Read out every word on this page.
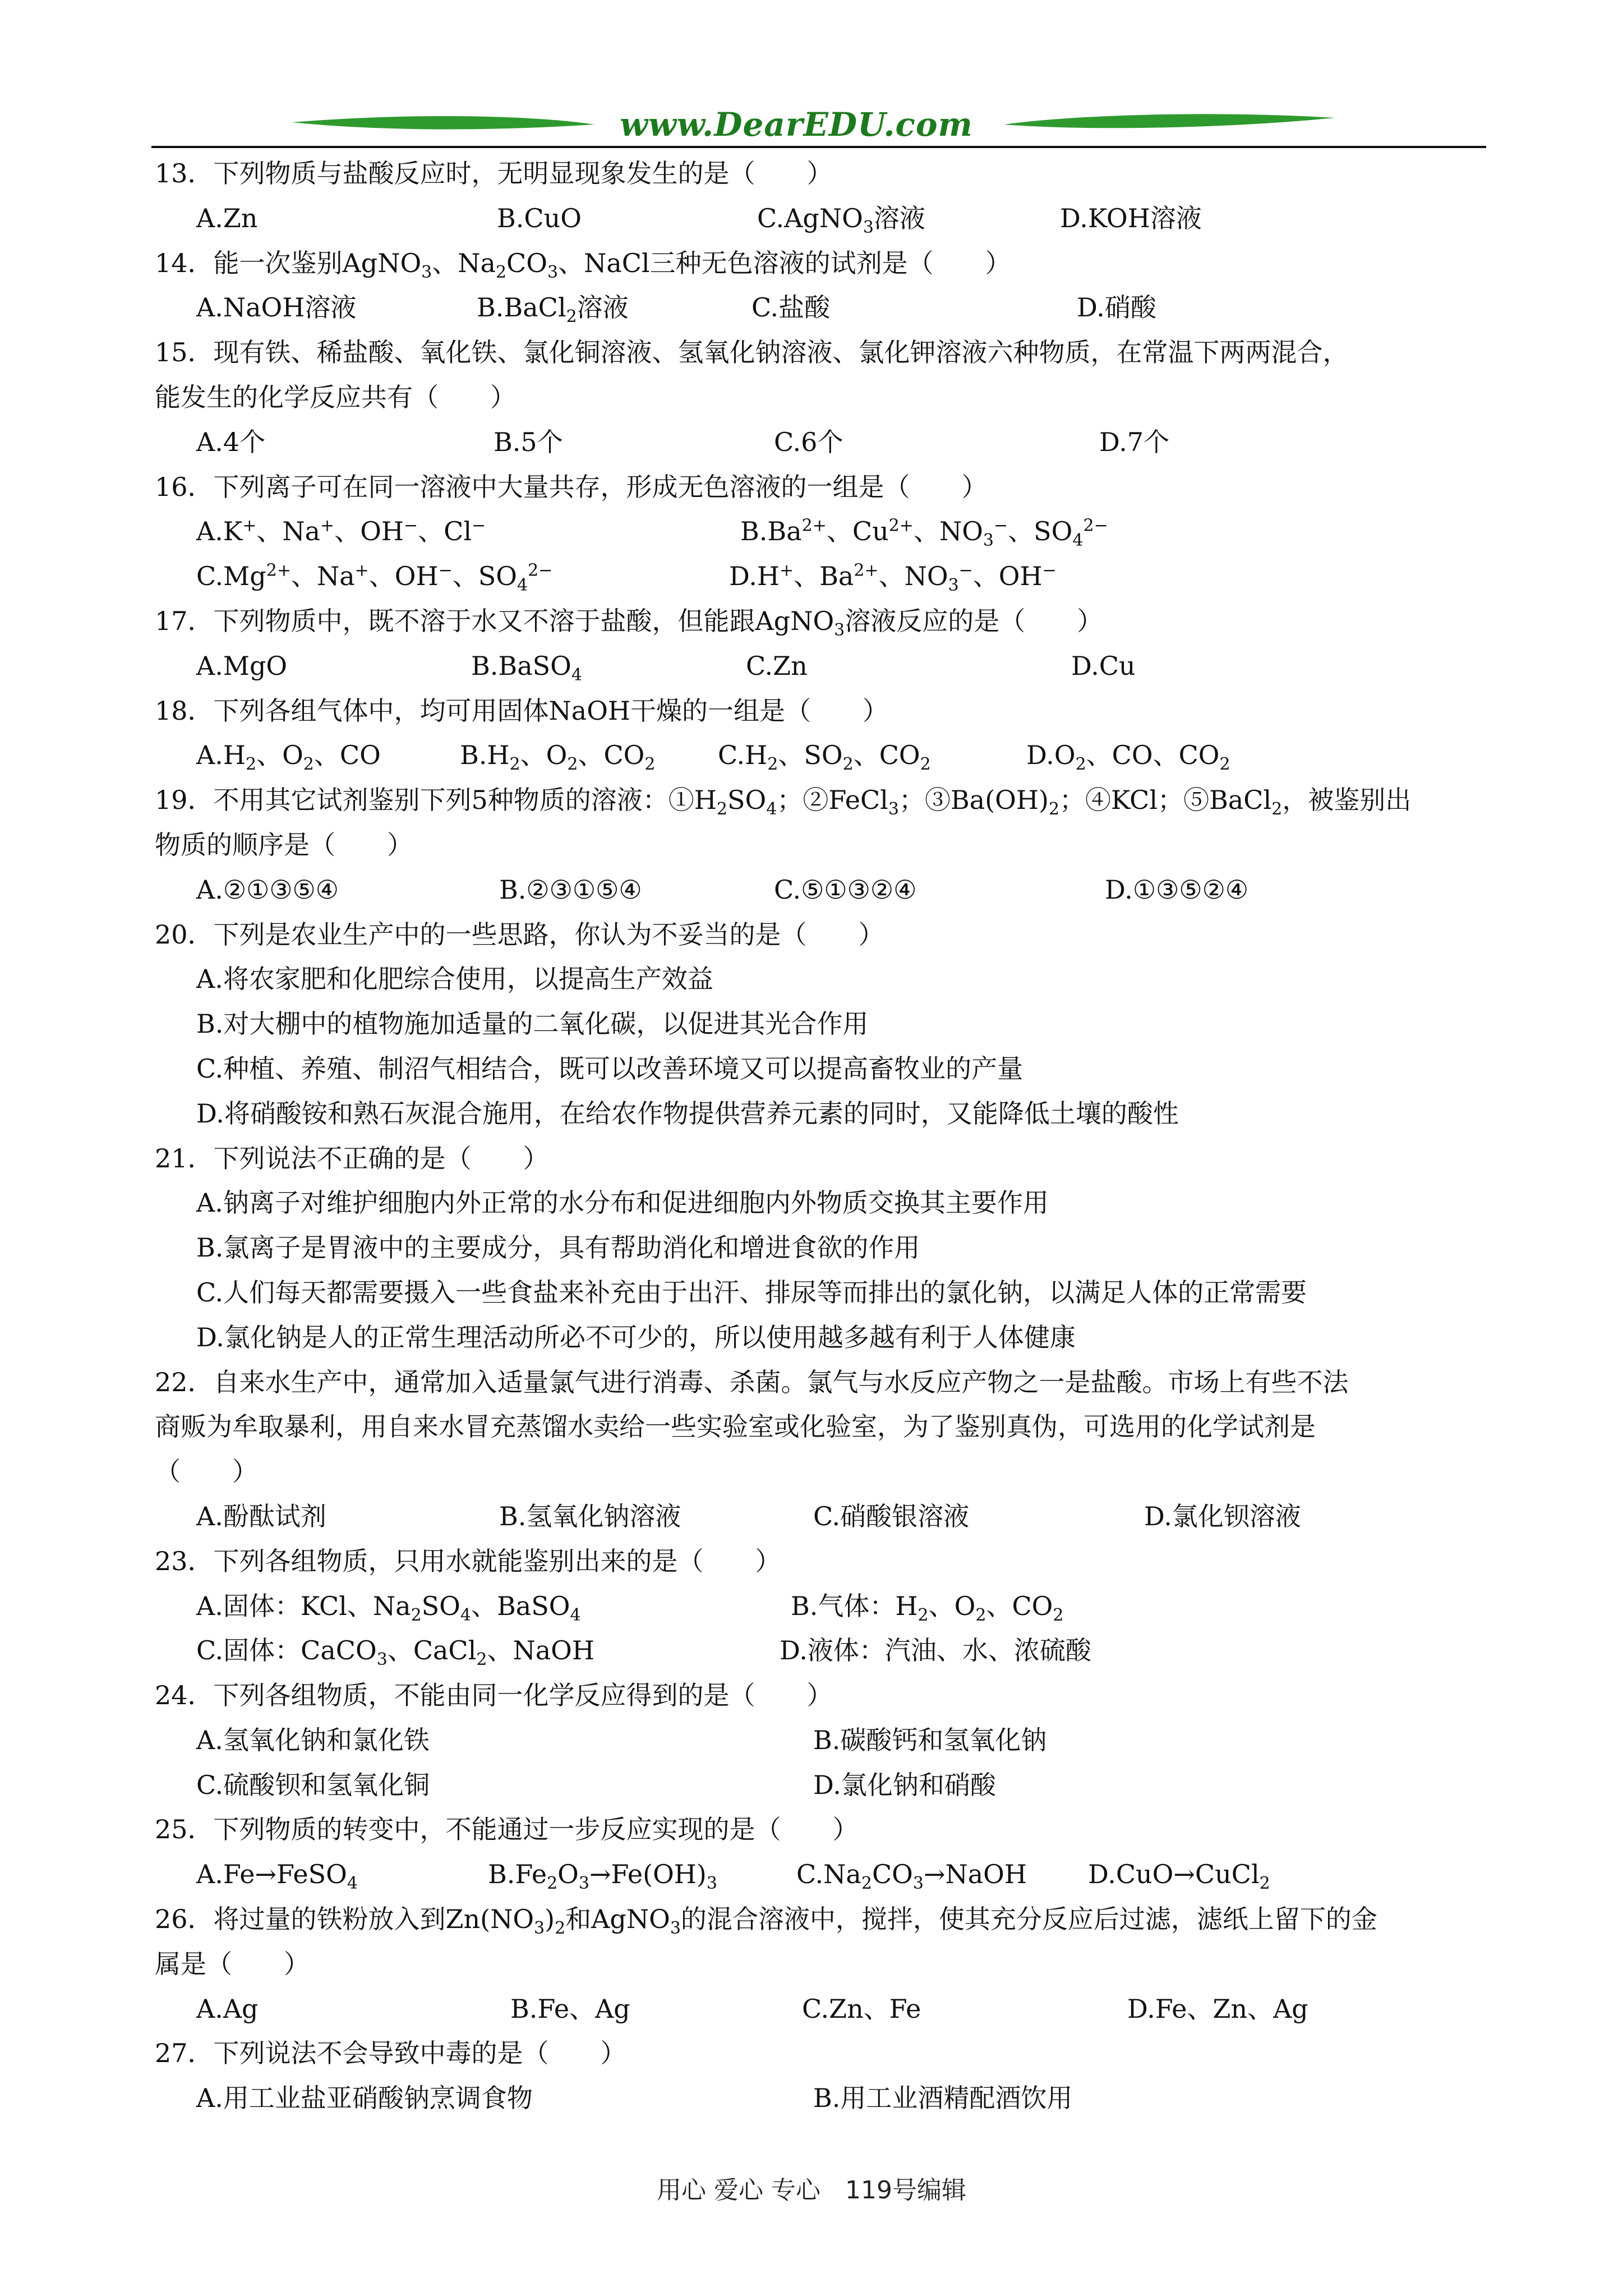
www.DearEDU.com
13．下列物质与盐酸反应时，无明显现象发生的是（　　）
A.Zn	B.CuO	C.AgNO$_3$溶液	D.KOH溶液
14．能一次鉴别AgNO$_3$、$Na_2CO_3$、NaCl三种无色溶液的试剂是（　　）
A.NaOH溶液	B.BaCl$_2$溶液	C.盐酸	D.硝酸
15．现有铁、稀盐酸、氧化铁、氯化铜溶液、氢氧化钠溶液、氯化钾溶液六种物质，在常温下两两混合，
能发生的化学反应共有（　　）
A.4个	B.5个	C.6个	D.7个
16．下列离子可在同一溶液中大量共存，形成无色溶液的一组是（　　）
A.K+、Na+、OH−、Cl−	$B.Ba^{2+}$、$Cu^{2+}$、$NO_3^-$、$SO_4^{2-}$
$C.Mg^{2+}$、Na+、OH−、$SO_4^{2-}$	D.H+、$Ba^{2+}$、$NO_3^-$、OH−
17．下列物质中，既不溶于水又不溶于盐酸，但能跟AgNO$_3$溶液反应的是（　　）
A.MgO	B.BaSO$_4$	C.Zn	D.Cu
18．下列各组气体中，均可用固体NaOH干燥的一组是（　　）
$A.H_2$、$O_2$、CO	$B.H_2$、$O_2$、$CO_2$ $C.H_2$、$SO_2$、$CO_2$	$D.O_2$、CO、$CO_2$
19．不用其它试剂鉴别下列5种物质的溶液：$①H_2SO_4$；②FeCl$_3$；$③Ba(OH)_2$；④KCl；⑤BaCl$_2$，被鉴别出
物质的顺序是（　　）
A.②①③⑤④	B.②③①⑤④	C.⑤①③②④	D.①③⑤②④
20．下列是农业生产中的一些思路，你认为不妥当的是（　　）
A.将农家肥和化肥综合使用，以提高生产效益
B.对大棚中的植物施加适量的二氧化碳，以促进其光合作用
C.种植、养殖、制沼气相结合，既可以改善环境又可以提高畜牧业的产量
D.将硝酸铵和熟石灰混合施用，在给农作物提供营养元素的同时，又能降低土壤的酸性
21．下列说法不正确的是（　　）
A.钠离子对维护细胞内外正常的水分布和促进细胞内外物质交换其主要作用
B.氯离子是胃液中的主要成分，具有帮助消化和增进食欲的作用
C.人们每天都需要摄入一些食盐来补充由于出汗、排尿等而排出的氯化钠，以满足人体的正常需要
D.氯化钠是人的正常生理活动所必不可少的，所以使用越多越有利于人体健康
22．自来水生产中，通常加入适量氯气进行消毒、杀菌。氯气与水反应产物之一是盐酸。市场上有些不法
商贩为牟取暴利，用自来水冒充蒸馏水卖给一些实验室或化验室，为了鉴别真伪，可选用的化学试剂是
（　　）
A.酚酞试剂	B.氢氧化钠溶液	C.硝酸银溶液	D.氯化钡溶液
23．下列各组物质，只用水就能鉴别出来的是（　　）
A.固体：KCl、$Na_2SO_4$、BaSO$_4$	B.气体：$H_2$、$O_2$、$CO_2$
C.固体：CaCO$_3$、CaCl$_2$、NaOH	D.液体：汽油、水、浓硫酸
24．下列各组物质，不能由同一化学反应得到的是（　　）
A.氢氧化钠和氯化铁	B.碳酸钙和氢氧化钠
C.硫酸钡和氢氧化铜	D.氯化钠和硝酸
25．下列物质的转变中，不能通过一步反应实现的是（　　）
A.Fe→FeSO$_4$	$B.Fe_2O_3\to Fe(OH)_3$	$C.Na_2CO_3\to NaOH$ D.CuO→CuCl$_2$
26．将过量的铁粉放入到$Zn(NO_3)_2$和AgNO$_3$的混合溶液中，搅拌，使其充分反应后过滤，滤纸上留下的金
属是（　　）
A.Ag	B.Fe、Ag	C.Zn、Fe	D.Fe、Zn、Ag
27．下列说法不会导致中毒的是（　　）
A.用工业盐亚硝酸钠烹调食物	B.用工业酒精配酒饮用
用心 爱心 专心　119号编辑
